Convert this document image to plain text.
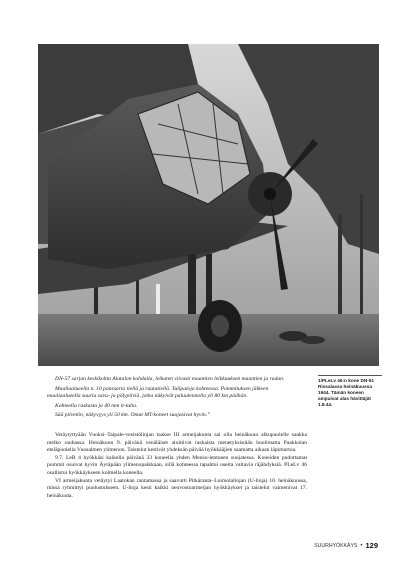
1/PLeLv 46:n kone DN-51 Rissalassa heinäkuussa 1944. Tämän koneen ampuivat alas hävittäjät 1.8.44.

DN-57 sarjan keskikohta Alatalon kohdalla, leikaten viivasti maantien leikkauksen maantien ja radan.

Maaliaalueella n. 10 panssaria tiellä ja rautatiellä. Tulipaloja kohteessa. Pommituksen jälkeen maaliaalueella suuria savu- ja pölypilviä, jotka näkyivät paluulennolla yli 80 km päähän.

Kohteella raskasta ja 40 mm it-tulta.

Sää pilvetön, näkyvyys yli 50 km. Omat MT-koneet suojasivat hyvin.”

Vetäytyttyään Vuoksi–Taipale-vesistölinjan taakse III armeijakunta sai olla heinäkuun alkupuolelle saakka melko rauhassa. Heinäkuun 9. päivänä venäläiset aloittivat raskaista menetyksistään huolimatta Paakkolan eteläpuolella Vuosalmen ylimenon. Taistelut kestivät yhdeksän päivää hyökkääjien saamatta aikaan läpimurtoa.

9.7. LeR 4 hyökkäsi kaikella päivänä 33 koneella yhden Mensu-lentueen suojatessa. Koneiden pudottamat pommit osuivat hyvin Äyräpään ylimenopaikkaan, sillä kohteessa tapahtui useita valtavia räjähdyksiä. PLeLv 46 osallistui hyökkäykseen kolmella koneella.

VI armeijakunta vetäytyi Laatokan rantamassa ja saavutti Pitkäranta–Loimolalinjan (U-linja) 10. heinäkuussa, missä ryhmittyi puolustukseen. U-linja kesti kaikki neuvostoarmeijan hyökkäykset ja taistelut vaimenivat 17. heinäkuuta.

SUURHYÖKKÄYS • 129
